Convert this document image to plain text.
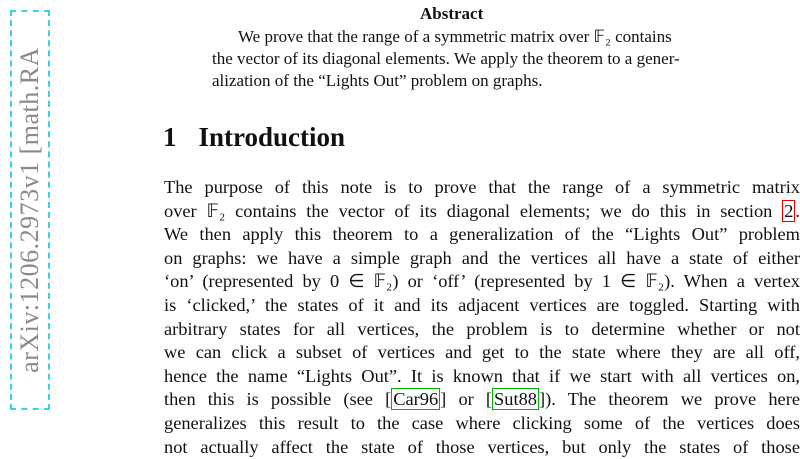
arXiv:1206.2973v1 [math.RA
Abstract
We prove that the range of a symmetric matrix over 𝔽₂ contains
the vector of its diagonal elements. We apply the theorem to a gener-
alization of the “Lights Out” problem on graphs.
1 Introduction
The purpose of this note is to prove that the range of a symmetric matrix
over 𝔽₂ contains the vector of its diagonal elements; we do this in section 2 .
We then apply this theorem to a generalization of the “Lights Out” problem
on graphs: we have a simple graph and the vertices all have a state of either
‘on’ (represented by 0 ∈ 𝔽₂) or ‘off’ (represented by 1 ∈ 𝔽₂). When a vertex
is ‘clicked,’ the states of it and its adjacent vertices are toggled. Starting with
arbitrary states for all vertices, the problem is to determine whether or not
we can click a subset of vertices and get to the state where they are all off,
hence the name “Lights Out”. It is known that if we start with all vertices on,
then this is possible (see [ Car96 ] or [ Sut88 ]). The theorem we prove here
generalizes this result to the case where clicking some of the vertices does
not actually affect the state of those vertices, but only the states of those
